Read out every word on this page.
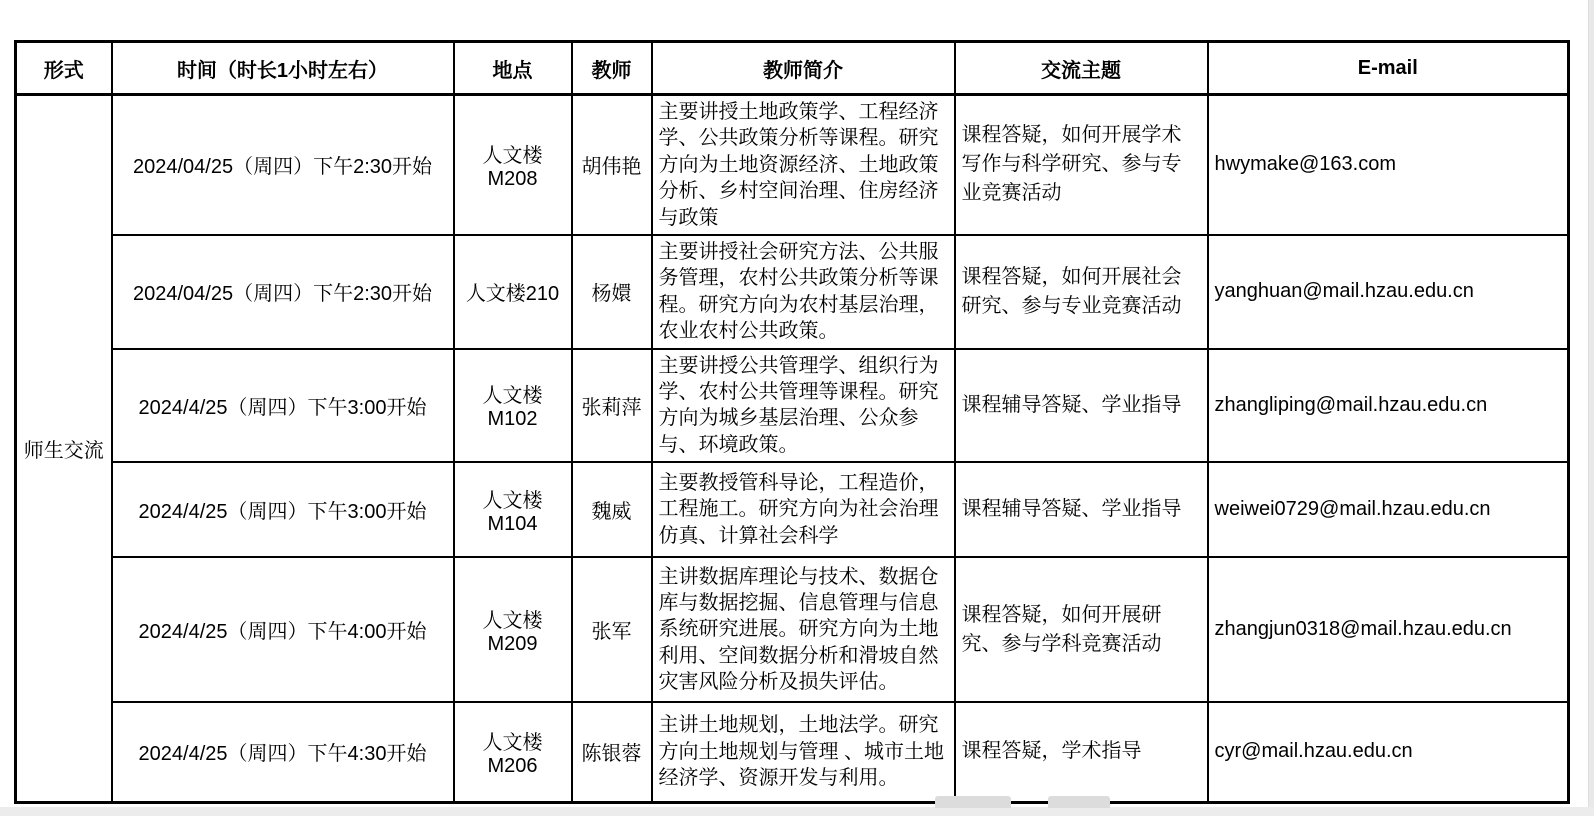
形式	时间（时长1小时左右）	地点	教师	教师简介	交流主题	E-mail
师生交流	2024/04/25（周四）下午2:30开始	人文楼M208	胡伟艳	主要讲授土地政策学、工程经济学、公共政策分析等课程。研究方向为土地资源经济、土地政策分析、乡村空间治理、住房经济与政策	课程答疑，如何开展学术写作与科学研究、参与专业竞赛活动	hwymake@163.com
	2024/04/25（周四）下午2:30开始	人文楼210	杨嬛	主要讲授社会研究方法、公共服务管理，农村公共政策分析等课程。研究方向为农村基层治理，农业农村公共政策。	课程答疑，如何开展社会研究、参与专业竞赛活动	yanghuan@mail.hzau.edu.cn
	2024/4/25（周四）下午3:00开始	人文楼M102	张莉萍	主要讲授公共管理学、组织行为学、农村公共管理等课程。研究方向为城乡基层治理、公众参与、环境政策。	课程辅导答疑、学业指导	zhangliping@mail.hzau.edu.cn
	2024/4/25（周四）下午3:00开始	人文楼M104	魏威	主要教授管科导论，工程造价，工程施工。研究方向为社会治理仿真、计算社会科学	课程辅导答疑、学业指导	weiwei0729@mail.hzau.edu.cn
	2024/4/25（周四）下午4:00开始	人文楼M209	张军	主讲数据库理论与技术、数据仓库与数据挖掘、信息管理与信息系统研究进展。研究方向为土地利用、空间数据分析和滑坡自然灾害风险分析及损失评估。	课程答疑，如何开展研究、参与学科竞赛活动	zhangjun0318@mail.hzau.edu.cn
	2024/4/25（周四）下午4:30开始	人文楼M206	陈银蓉	主讲土地规划，土地法学。研究方向土地规划与管理 、城市土地经济学、资源开发与利用。	课程答疑，学术指导	cyr@mail.hzau.edu.cn
